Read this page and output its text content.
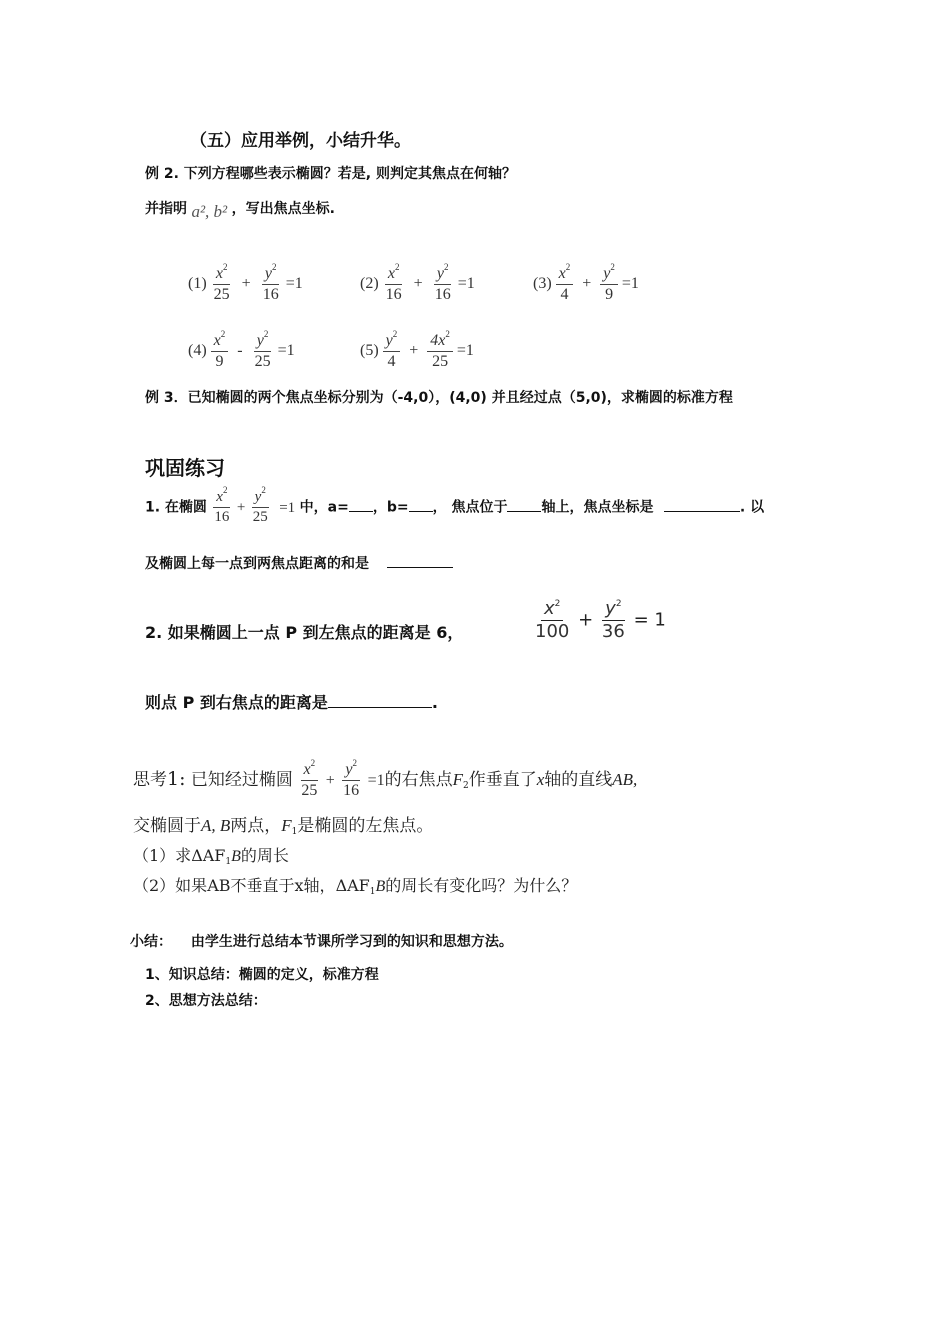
（五）应用举例，小结升华。
例 2. 下列方程哪些表示椭圆？若是, 则判定其焦点在何轴？
并指明 a², b² ，写出焦点坐标.
$(1) \frac{x^2}{25} + \frac{y^2}{16} =1$	$(2) \frac{x^2}{16} + \frac{y^2}{16} =1$	$(3) \frac{x^2}{4} + \frac{y^2}{9} =1$
$(4) \frac{x^2}{9} - \frac{y^2}{25} =1$	$(5) \frac{y^2}{4} + \frac{4x^2}{25} =1$
例 3．已知椭圆的两个焦点坐标分别为（-4,0），(4,0) 并且经过点（5,0)，求椭圆的标准方程
巩固练习
1. 在椭圆 $\frac{x^2}{16} + \frac{y^2}{25} =1$ 中，a= ，b= ， 焦点位于 轴上，焦点坐标是	. 以
及椭圆上每一点到两焦点距离的和是
2. 如果椭圆上一点 P 到左焦点的距离是 6，	$\frac{x^2}{100} + \frac{y^2}{36} = 1$
则点 P 到右焦点的距离是	.
思考1: 已知经过椭圆 $\frac{x^2}{25} + \frac{y^2}{16} =1$的右焦点$F_2$作垂直了x轴的直线AB,
交椭圆于A, B两点，$F_1$是椭圆的左焦点。
（1）求$\Delta AF_1B$的周长
（2）如果AB不垂直于x轴，$\Delta AF_1B$的周长有变化吗？为什么？
小结： 由学生进行总结本节课所学习到的知识和思想方法。
1、知识总结：椭圆的定义，标准方程
2、思想方法总结：
